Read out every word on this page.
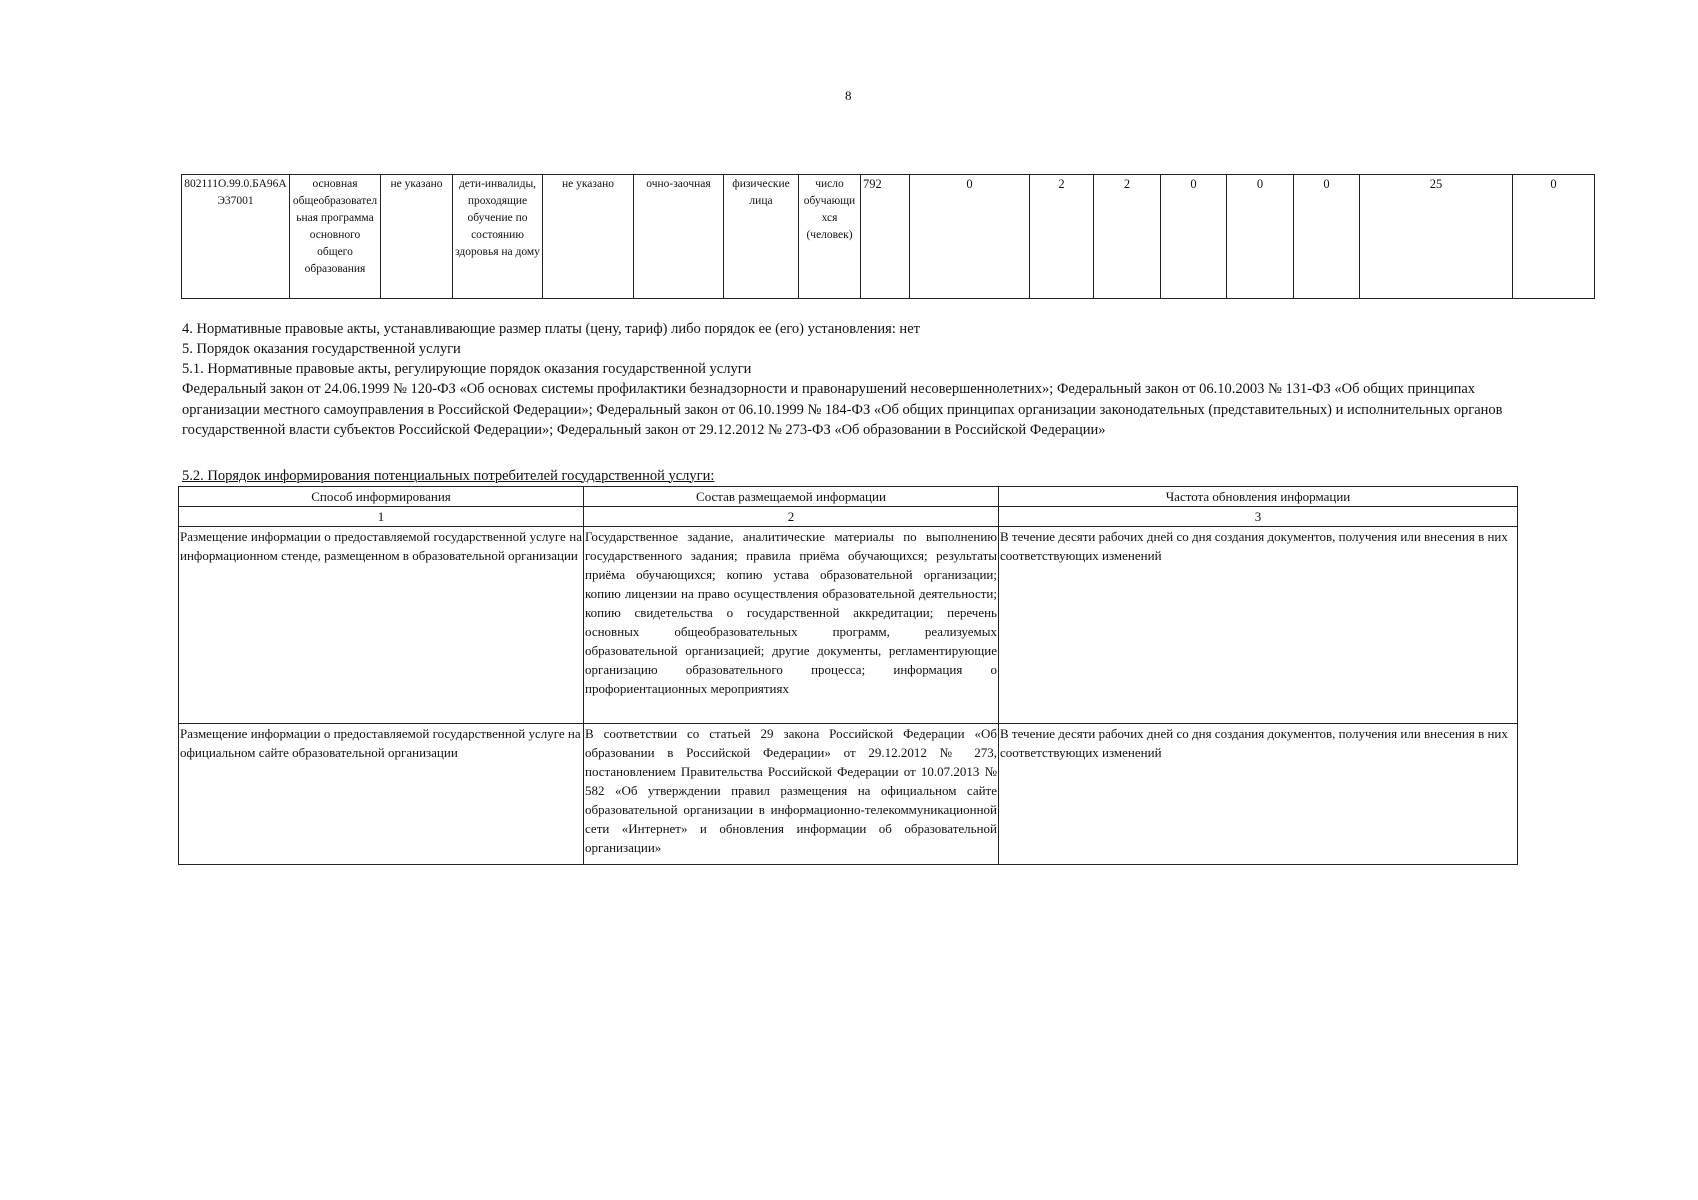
8
802111О.99.0.БА96АЭ37001	основная общеобразовательная программа основного общего образования	не указано	дети-инвалиды, проходящие обучение по состоянию здоровья на дому	не указано	очно-заочная	физические лица	число обучающихся (человек)	792	0	2	2	0	0	0	25	0
4. Нормативные правовые акты, устанавливающие размер платы (цену, тариф) либо порядок ее (его) установления: нет
5. Порядок оказания государственной услуги
5.1. Нормативные правовые акты, регулирующие порядок оказания государственной услуги
Федеральный закон от 24.06.1999 № 120-ФЗ «Об основах системы профилактики безнадзорности и правонарушений несовершеннолетних»; Федеральный закон от 06.10.2003 № 131-ФЗ «Об общих принципах организации местного самоуправления в Российской Федерации»; Федеральный закон от 06.10.1999 № 184-ФЗ «Об общих принципах организации законодательных (представительных) и исполнительных органов государственной власти субъектов Российской Федерации»; Федеральный закон от 29.12.2012 № 273-ФЗ «Об образовании в Российской Федерации»
5.2. Порядок информирования потенциальных потребителей государственной услуги:
Способ информирования	Состав размещаемой информации	Частота обновления информации
1	2	3
Размещение информации о предоставляемой государственной услуге на информационном стенде, размещенном в образовательной организации	Государственное задание, аналитические материалы по выполнению государственного задания; правила приёма обучающихся; результаты приёма обучающихся; копию устава образовательной организации; копию лицензии на право осуществления образовательной деятельности; копию свидетельства о государственной аккредитации; перечень основных общеобразовательных программ, реализуемых образовательной организацией; другие документы, регламентирующие организацию образовательного процесса; информация о профориентационных мероприятиях	В течение десяти рабочих дней со дня создания документов, получения или внесения в них соответствующих изменений
Размещение информации о предоставляемой государственной услуге на официальном сайте образовательной организации	В соответствии со статьей 29 закона Российской Федерации «Об образовании в Российской Федерации» от 29.12.2012 № 273, постановлением Правительства Российской Федерации от 10.07.2013 № 582 «Об утверждении правил размещения на официальном сайте образовательной организации в информационно-телекоммуникационной сети «Интернет» и обновления информации об образовательной организации»	В течение десяти рабочих дней со дня создания документов, получения или внесения в них соответствующих изменений
